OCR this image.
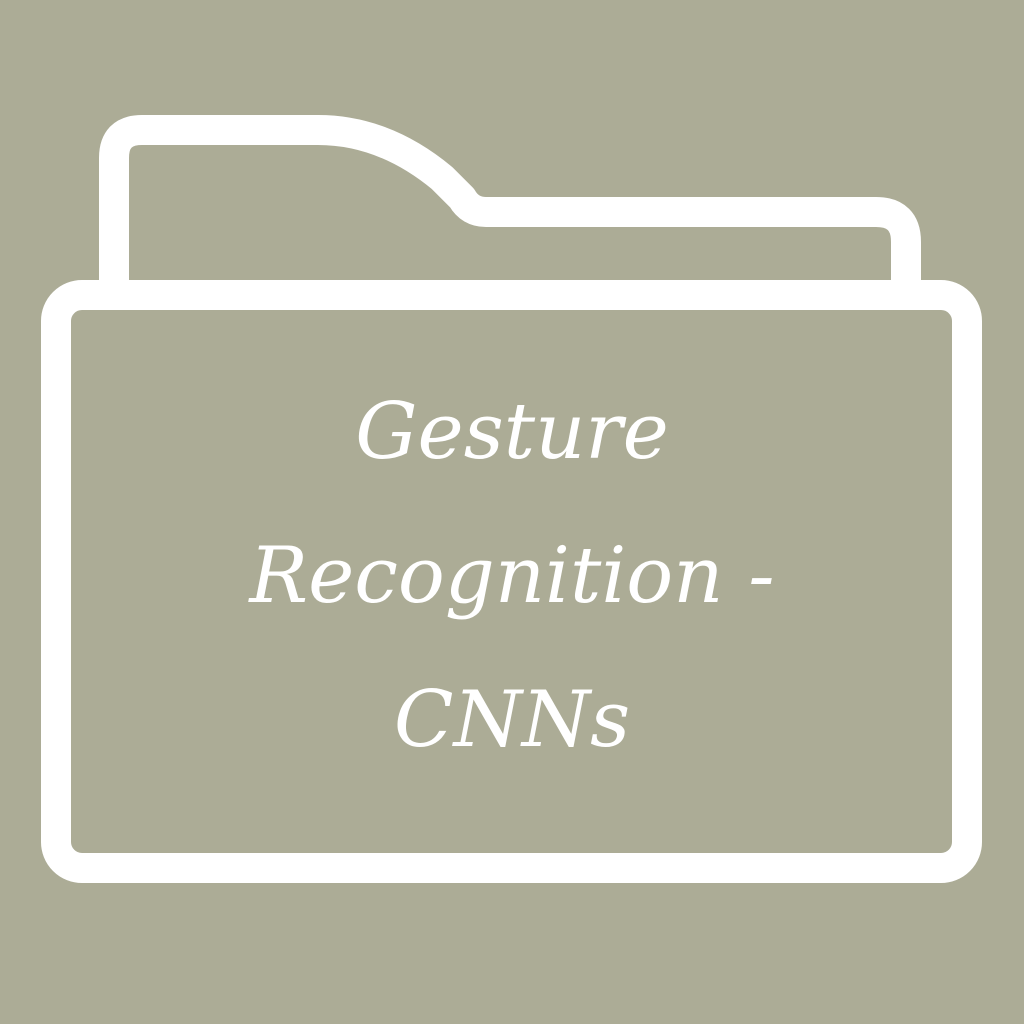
Gesture
Recognition -
CNNs
